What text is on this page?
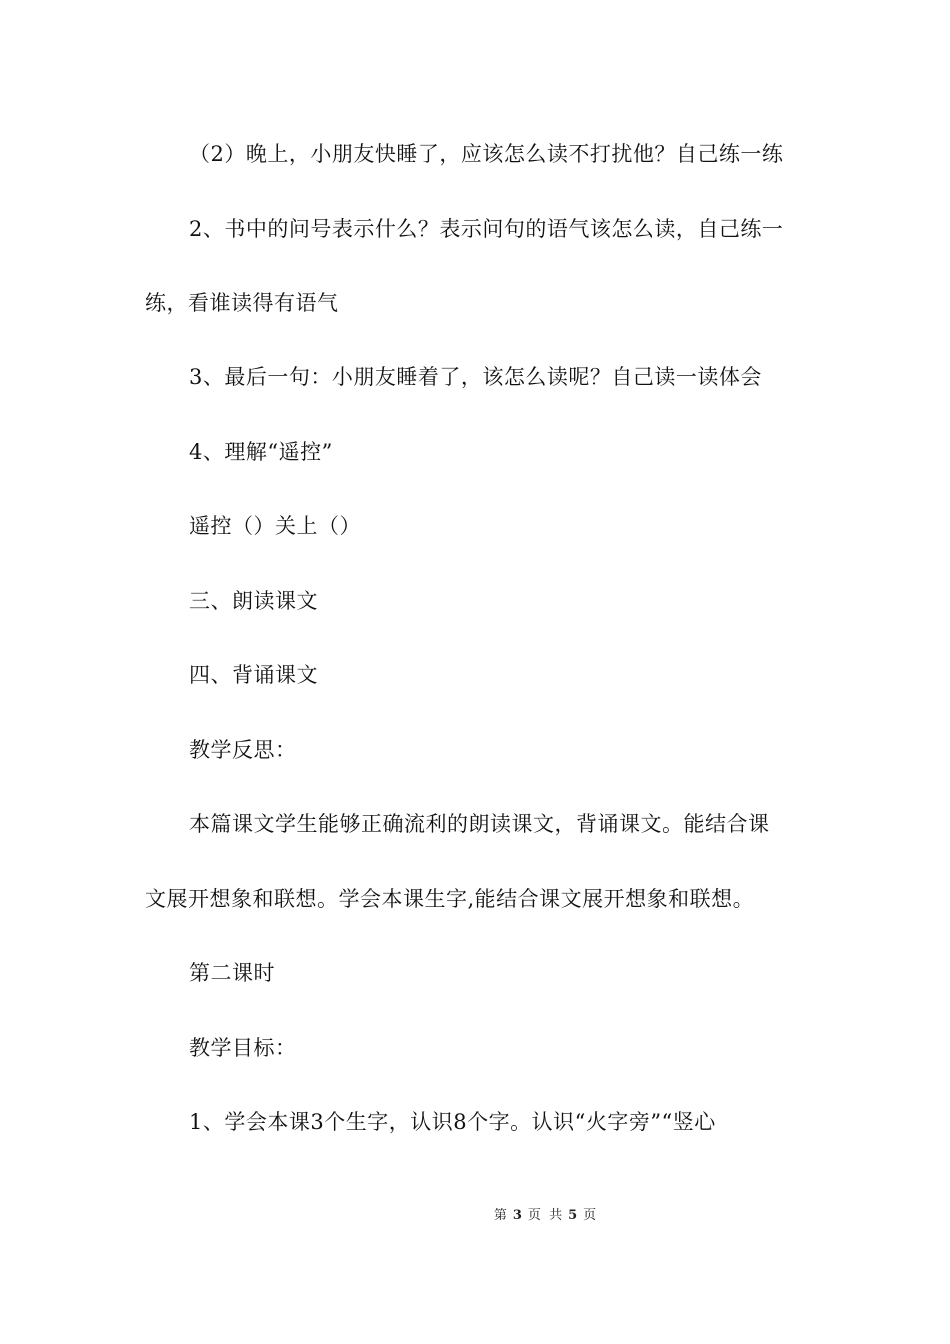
（2）晚上，小朋友快睡了，应该怎么读不打扰他？自己练一练
2、书中的问号表示什么？表示问句的语气该怎么读，自己练一
练，看谁读得有语气
3、最后一句：小朋友睡着了，该怎么读呢？自己读一读体会
4、理解“遥控”
遥控（）关上（）
三、朗读课文
四、背诵课文
教学反思：
本篇课文学生能够正确流利的朗读课文，背诵课文。能结合课
文展开想象和联想。学会本课生字,能结合课文展开想象和联想。
第二课时
教学目标：
1、学会本课3个生字，认识8个字。认识“火字旁”“竖心
第 3 页 共 5 页
